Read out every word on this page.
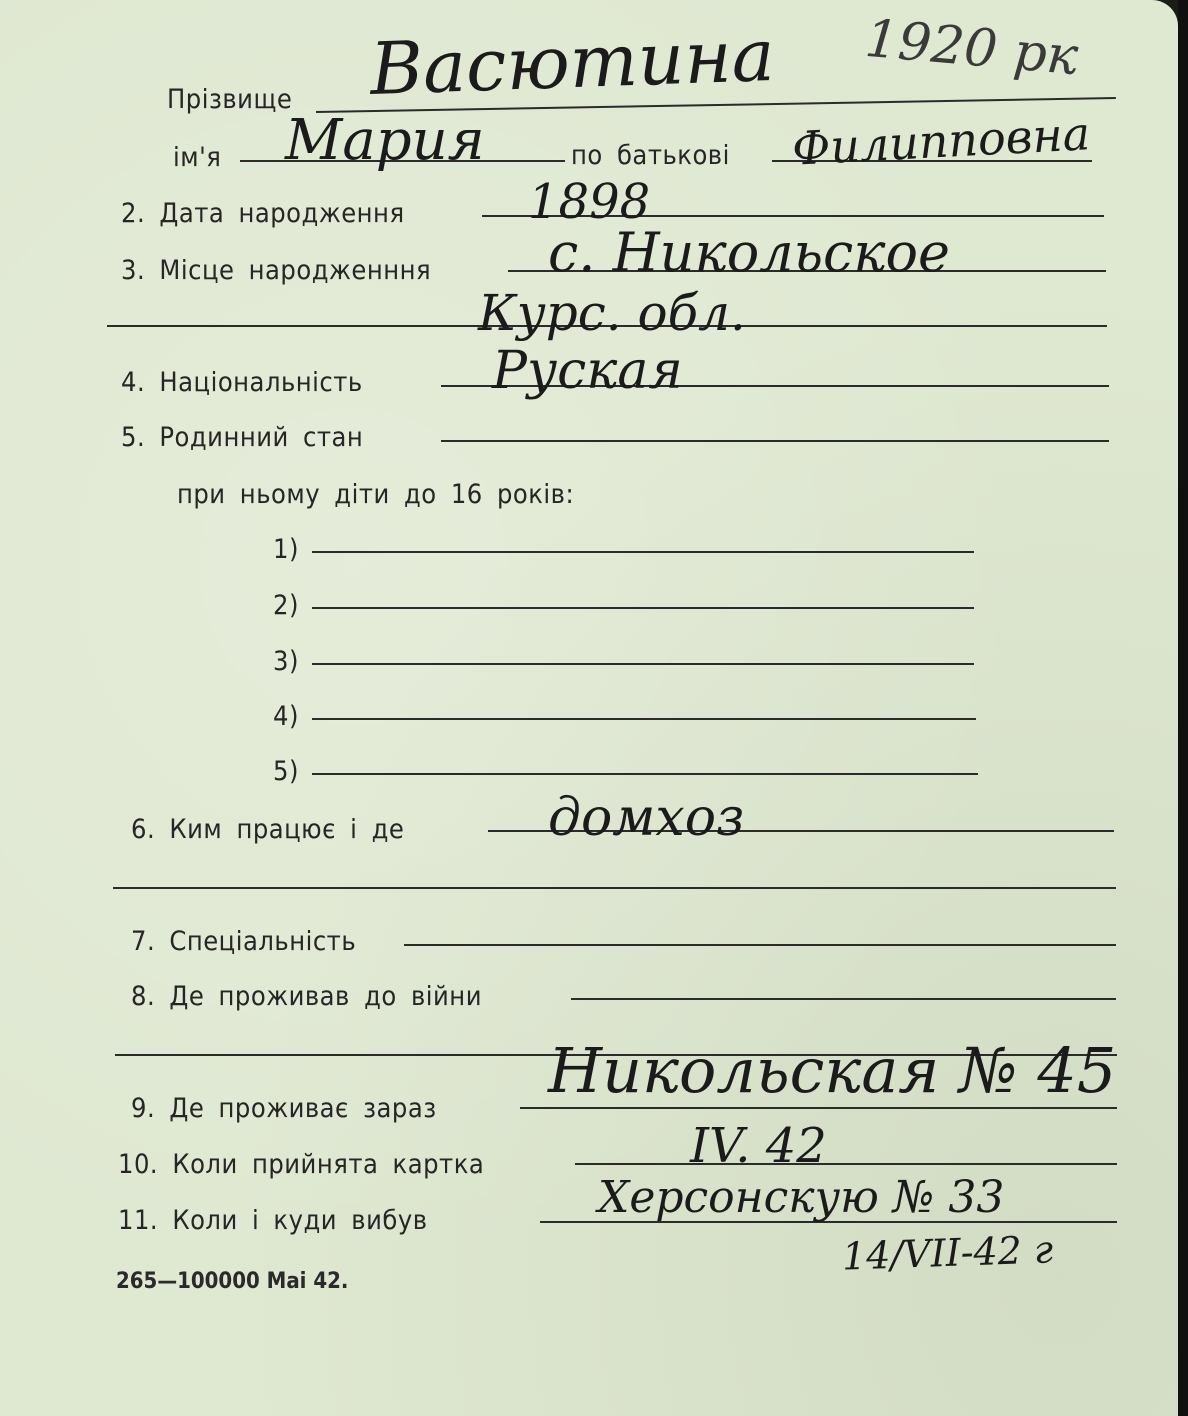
1920 рк
Прізвище Васютина
ім'я Мария	по батькові Филипповна
2. Дата народження	1898
3. Місце народженння с. Никольское
Курс. обл.
4. Національність Руская
5. Родинний стан
при ньому діти до 16 років:
1)
2)
3)
4)
5)
6. Ким працює і де	домхоз
7. Спеціальність
8. Де проживав до війни
9. Де проживає зараз
Никольская № 45
10. Коли прийнята картка	IV. 42
11. Коли і куди вибув	Херсонскую № 33
14/VII-42 г
265—100000 Mai 42.
